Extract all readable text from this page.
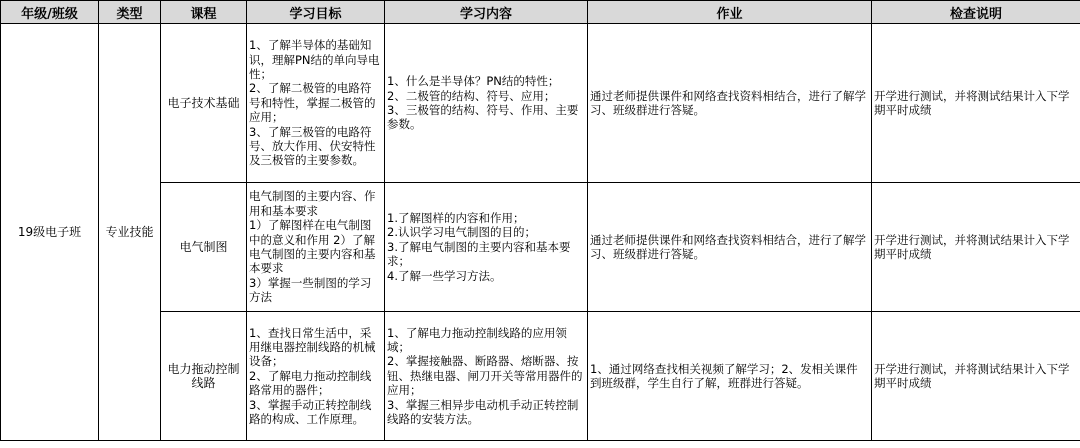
年级/班级	类型	课程	学习目标	学习内容	作业	检查说明
19级电子班	专业技能	电子技术基础	1、了解半导体的基础知识，理解PN结的单向导电性；
2、了解二极管的电路符号和特性，掌握二极管的应用；
3、了解三极管的电路符号、放大作用、伏安特性及三极管的主要参数。	1、什么是半导体？PN结的特性；
2、二极管的结构、符号、应用；
3、三极管的结构、符号、作用、主要参数。	通过老师提供课件和网络查找资料相结合，进行了解学习、班级群进行答疑。	开学进行测试，并将测试结果计入下学期平时成绩
		电气制图	电气制图的主要内容、作用和基本要求
1）了解图样在电气制图中的意义和作用 2）了解电气制图的主要内容和基本要求
3）掌握一些制图的学习方法	1.了解图样的内容和作用；
2.认识学习电气制图的目的；
3.了解电气制图的主要内容和基本要求；
4.了解一些学习方法。	通过老师提供课件和网络查找资料相结合，进行了解学习、班级群进行答疑。	开学进行测试，并将测试结果计入下学期平时成绩
		电力拖动控制线路	1、查找日常生活中，采用继电器控制线路的机械设备；
2、了解电力拖动控制线路常用的器件；
3、掌握手动正转控制线路的构成、工作原理。	1、了解电力拖动控制线路的应用领域；
2、掌握接触器、断路器、熔断器、按钮、热继电器、闸刀开关等常用器件的应用；
3、掌握三相异步电动机手动正转控制线路的安装方法。	1、通过网络查找相关视频了解学习；2、发相关课件到班级群，学生自行了解，班群进行答疑。	开学进行测试，并将测试结果计入下学期平时成绩
